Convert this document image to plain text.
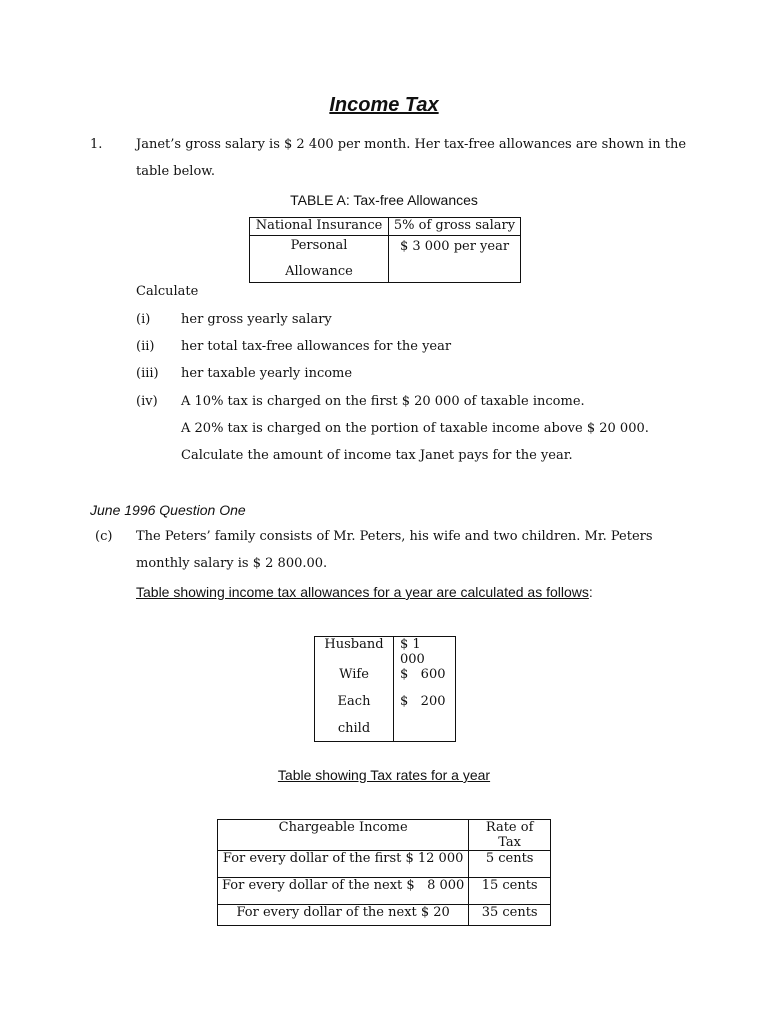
Income Tax
1.	Janet’s gross salary is $ 2 400 per month. Her tax-free allowances are shown in the
table below.
TABLE A: Tax-free Allowances
National Insurance	5% of gross salary

Personal
Allowance	$ 3 000 per year
Calculate
(i) her gross yearly salary
(ii) her total tax-free allowances for the year
(iii) her taxable yearly income
(iv) A 10% tax is charged on the first $ 20 000 of taxable income.
A 20% tax is charged on the portion of taxable income above $ 20 000.
Calculate the amount of income tax Janet pays for the year.
June 1996 Question One
(c) The Peters’ family consists of Mr. Peters, his wife and two children. Mr. Peters
monthly salary is $ 2 800.00.
Table showing income tax allowances for a year are calculated as follows:
Husband	$ 1 000
Wife	$   600
Each	$   200
child	
Table showing Tax rates for a year
Chargeable Income	Rate of Tax
For every dollar of the first $ 12 000	5 cents
For every dollar of the next $   8 000	15 cents
For every dollar of the next $ 20	35 cents
